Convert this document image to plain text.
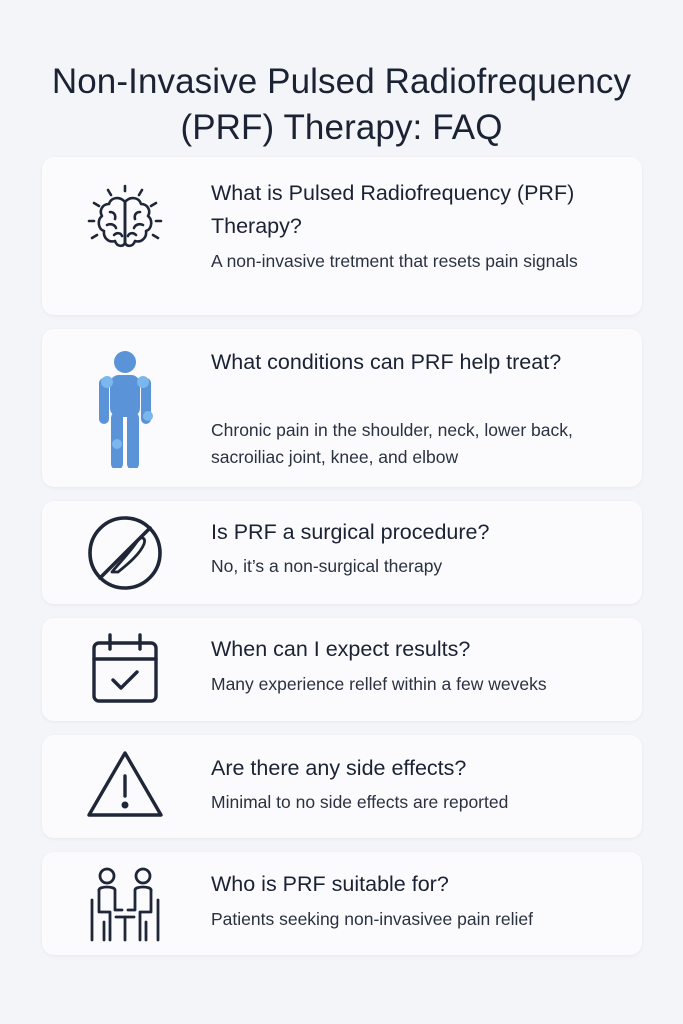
Non-Invasive Pulsed Radiofrequency
(PRF) Therapy: FAQ
What is Pulsed Radiofrequency (PRF) Therapy?
A non-invasive tretment that resets pain signals
What conditions can PRF help treat?
Chronic pain in the shoulder, neck, lower back, sacroiliac joint, knee, and elbow
Is PRF a surgical procedure?
No, it’s a non-surgical therapy
When can I expect results?
Many experience rellef within a few weveks
Are there any side effects?
Minimal to no side effects are reported
Who is PRF suitable for?
Patients seeking non-invasivee pain relief
